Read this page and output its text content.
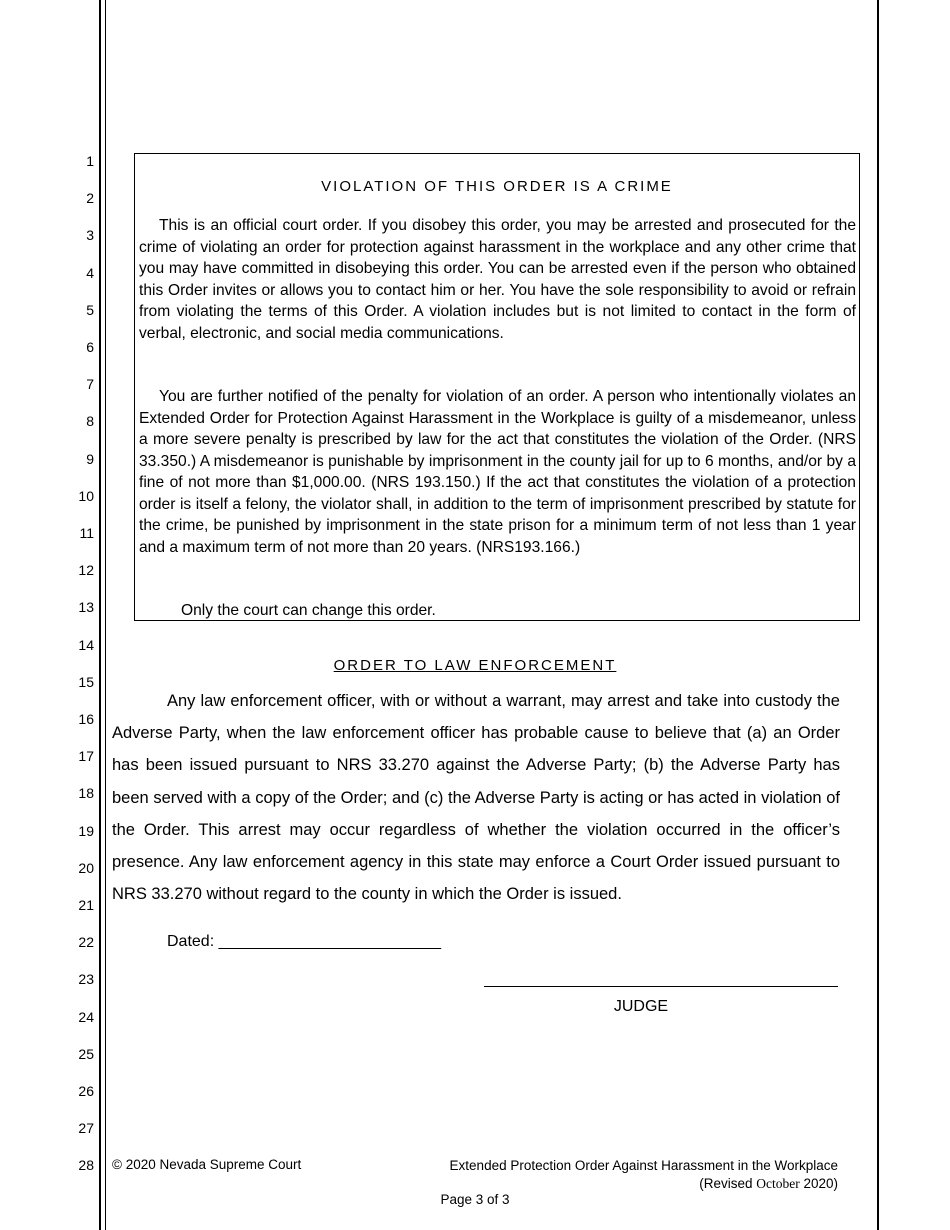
1
2
3
4
5
6
7
8
9
10
11
12
13
14
15
16
17
18
19
20
21
22
23
24
25
26
27
28
VIOLATION OF THIS ORDER IS A CRIME

This is an official court order. If you disobey this order, you may be arrested and prosecuted for the crime of violating an order for protection against harassment in the workplace and any other crime that you may have committed in disobeying this order. You can be arrested even if the person who obtained this Order invites or allows you to contact him or her. You have the sole responsibility to avoid or refrain from violating the terms of this Order. A violation includes but is not limited to contact in the form of verbal, electronic, and social media communications.

You are further notified of the penalty for violation of an order. A person who intentionally violates an Extended Order for Protection Against Harassment in the Workplace is guilty of a misdemeanor, unless a more severe penalty is prescribed by law for the act that constitutes the violation of the Order. (NRS 33.350.) A misdemeanor is punishable by imprisonment in the county jail for up to 6 months, and/or by a fine of not more than $1,000.00. (NRS 193.150.) If the act that constitutes the violation of a protection order is itself a felony, the violator shall, in addition to the term of imprisonment prescribed by statute for the crime, be punished by imprisonment in the state prison for a minimum term of not less than 1 year and a maximum term of not more than 20 years. (NRS193.166.)

Only the court can change this order.

ORDER TO LAW ENFORCEMENT

Any law enforcement officer, with or without a warrant, may arrest and take into custody the Adverse Party, when the law enforcement officer has probable cause to believe that (a) an Order has been issued pursuant to NRS 33.270 against the Adverse Party; (b) the Adverse Party has been served with a copy of the Order; and (c) the Adverse Party is acting or has acted in violation of the Order. This arrest may occur regardless of whether the violation occurred in the officer’s presence. Any law enforcement agency in this state may enforce a Court Order issued pursuant to NRS 33.270 without regard to the county in which the Order is issued.

Dated: _________________________
JUDGE
© 2020 Nevada Supreme Court	Extended Protection Order Against Harassment in the Workplace
(Revised October 2020)
Page 3 of 3
